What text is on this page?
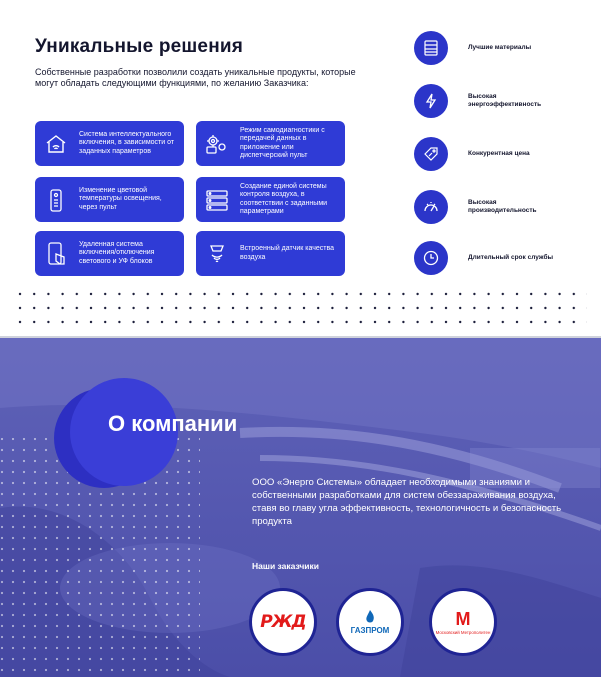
Уникальные решения

Собственные разработки позволили создать уникальные продукты, которые могут обладать следующими функциями, по желанию Заказчика:

Система интеллектуального включения, в зависимости от заданных параметров
Режим самодиагностики с передачей данных в приложение или диспетчерский пульт
Изменение цветовой температуры освещения, через пульт
Создание единой системы контроля воздуха, в соответствии с заданными параметрами
Удаленная система включения/отключения светового и УФ блоков
Встроенный датчик качества воздуха
Лучшие материалы
Высокая энергоэффективность
Конкурентная цена
Высокая производительность
Длительный срок службы
О компании

ООО «Энерго Системы» обладает необходимыми знаниями и собственными разработками для систем обеззараживания воздуха, ставя во главу угла эффективность, технологичность и безопасность продукта

Наши заказчики
РЖД	ГАЗПРОМ
M
Московский Метрополитен
